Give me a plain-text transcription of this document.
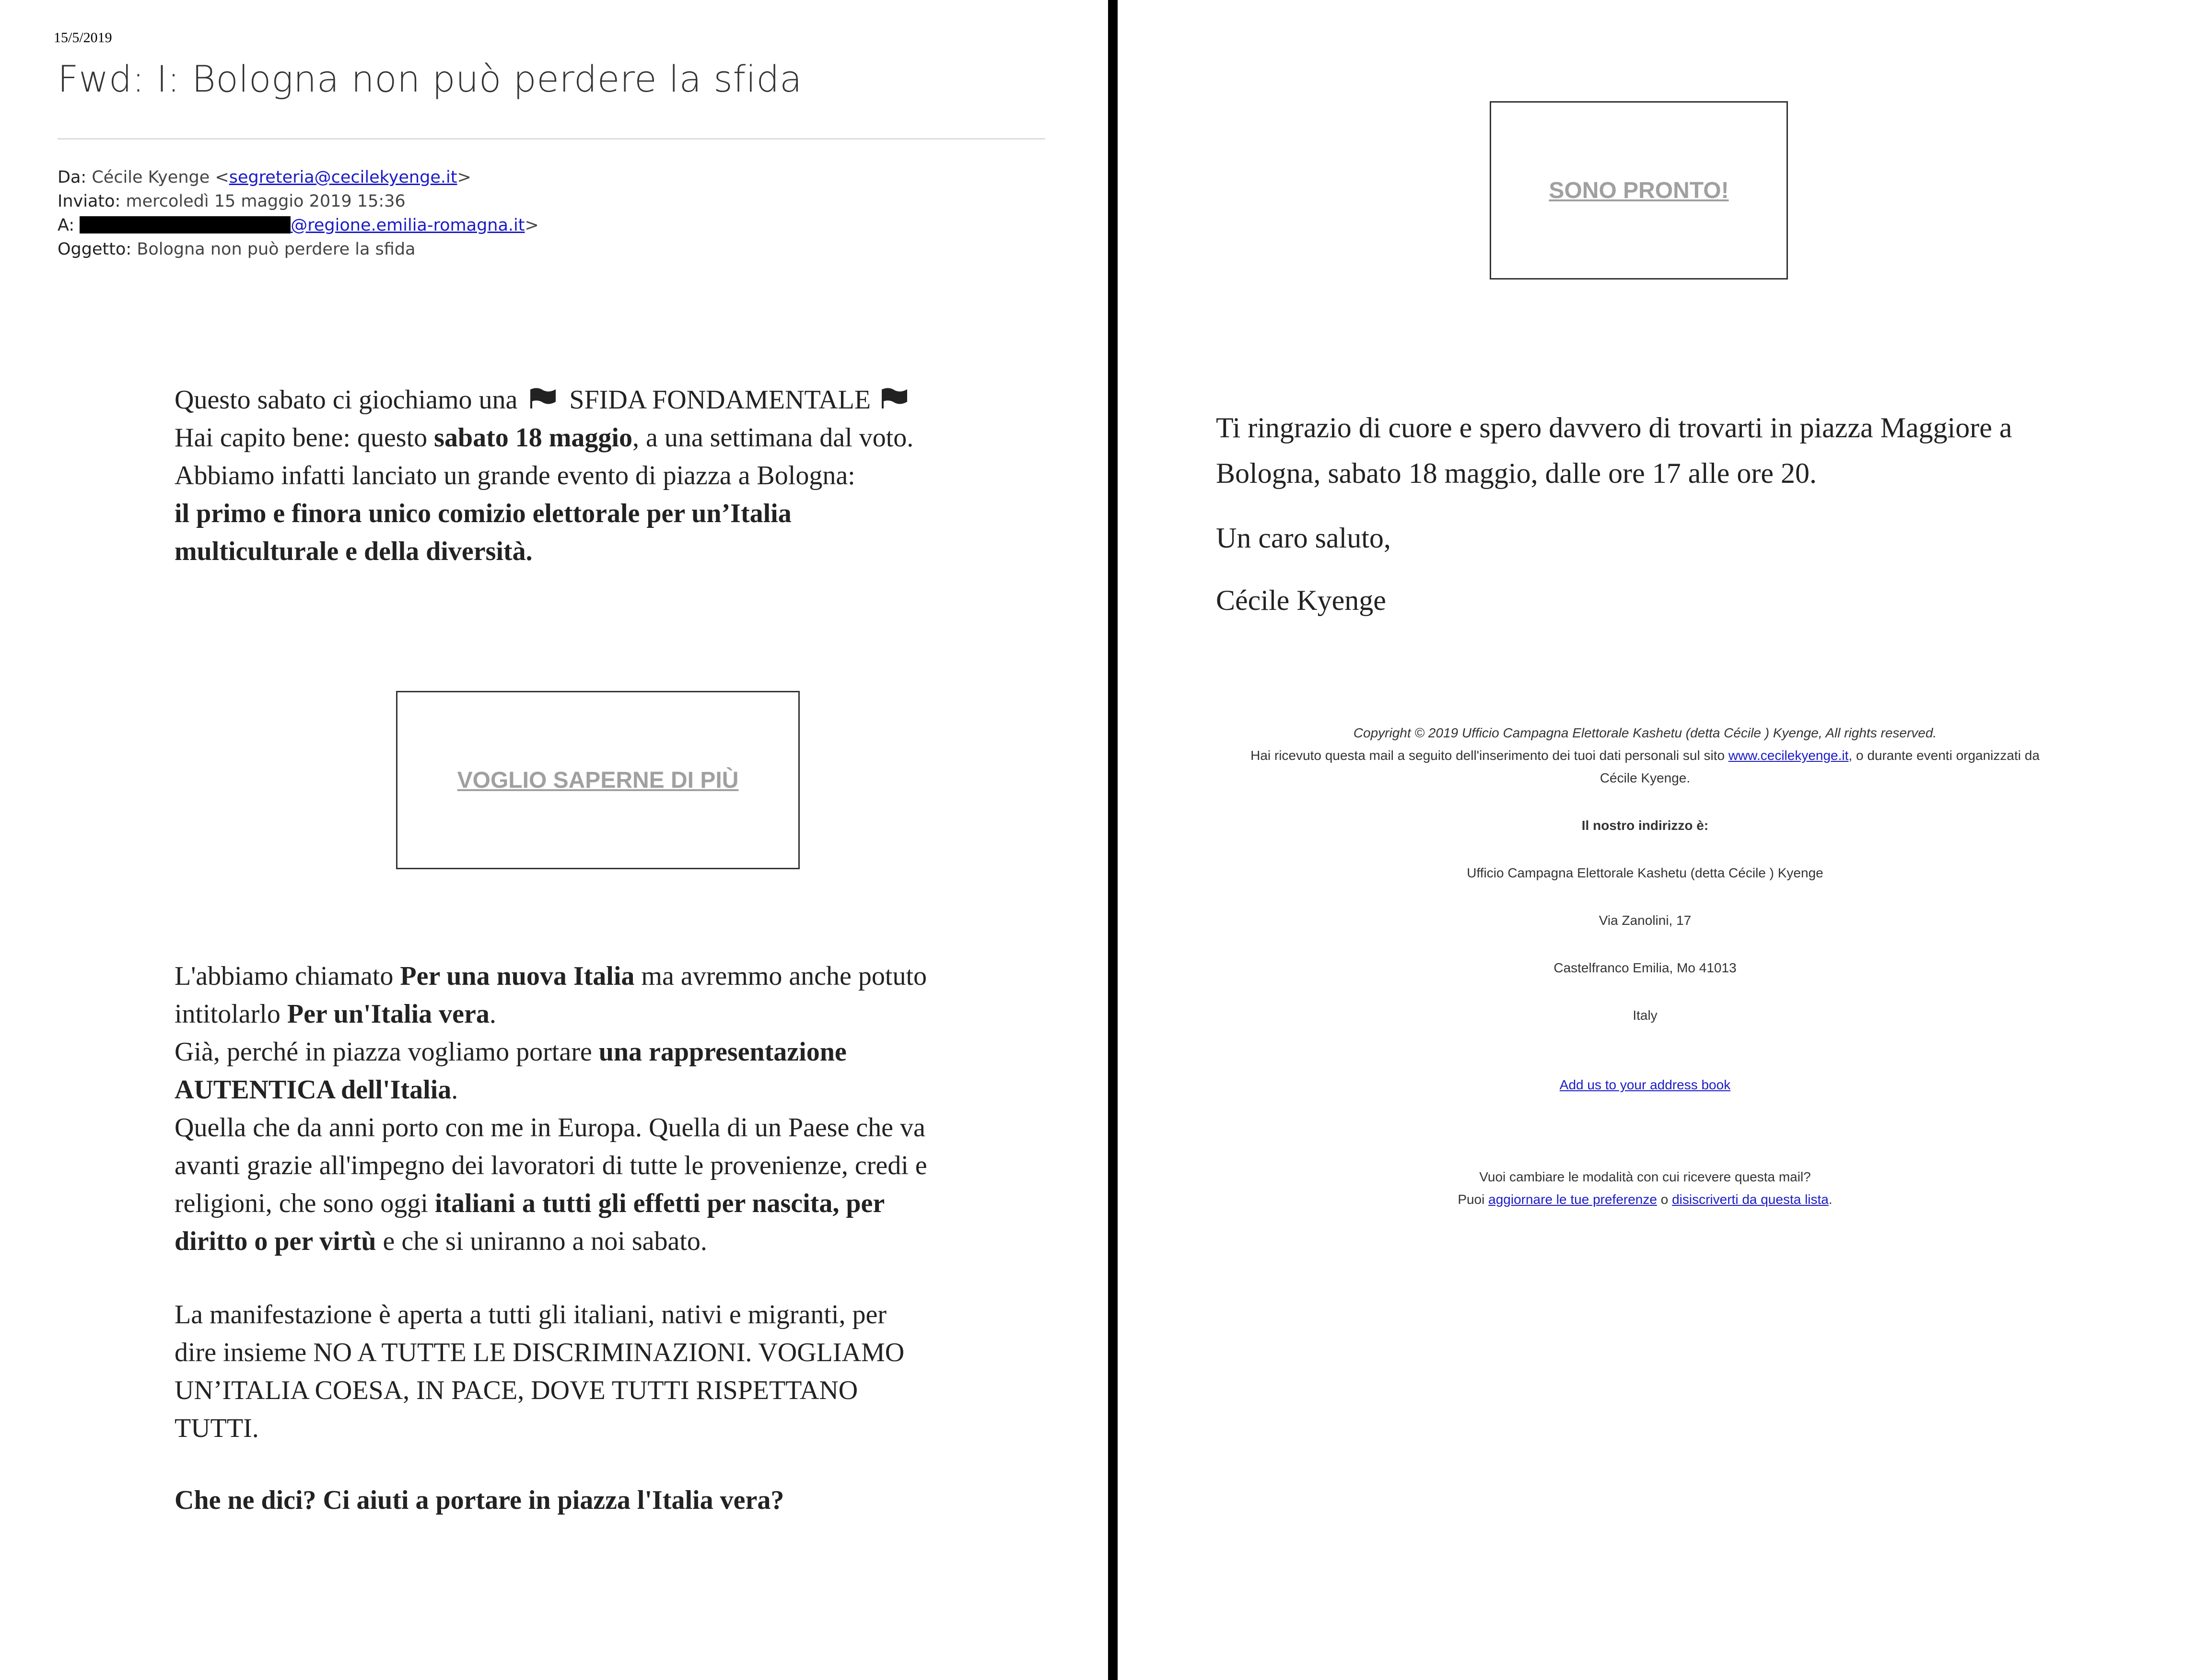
15/5/2019
Fwd: I: Bologna non può perdere la sfida
Da: Cécile Kyenge <segreteria@cecilekyenge.it>
Inviato: mercoledì 15 maggio 2019 15:36
A:	@regione.emilia-romagna.it>
Oggetto: Bologna non può perdere la sfida
Questo sabato ci giochiamo una SFIDA FONDAMENTALE
Hai capito bene: questo sabato 18 maggio, a una settimana dal voto.
Abbiamo infatti lanciato un grande evento di piazza a Bologna:
il primo e finora unico comizio elettorale per un’Italia
multiculturale e della diversità.
VOGLIO SAPERNE DI PIÙ
L'abbiamo chiamato Per una nuova Italia ma avremmo anche potuto
intitolarlo Per un'Italia vera.
Già, perché in piazza vogliamo portare una rappresentazione
AUTENTICA dell'Italia.
Quella che da anni porto con me in Europa. Quella di un Paese che va
avanti grazie all'impegno dei lavoratori di tutte le provenienze, credi e
religioni, che sono oggi italiani a tutti gli effetti per nascita, per
diritto o per virtù e che si uniranno a noi sabato.
La manifestazione è aperta a tutti gli italiani, nativi e migranti, per
dire insieme NO A TUTTE LE DISCRIMINAZIONI. VOGLIAMO
UN’ITALIA COESA, IN PACE, DOVE TUTTI RISPETTANO
TUTTI.
Che ne dici? Ci aiuti a portare in piazza l'Italia vera?
SONO PRONTO!
Ti ringrazio di cuore e spero davvero di trovarti in piazza Maggiore a
Bologna, sabato 18 maggio, dalle ore 17 alle ore 20.
Un caro saluto,
Cécile Kyenge
Copyright © 2019 Ufficio Campagna Elettorale Kashetu (detta Cécile ) Kyenge, All rights reserved.
Hai ricevuto questa mail a seguito dell'inserimento dei tuoi dati personali sul sito www.cecilekyenge.it, o durante eventi organizzati da
Cécile Kyenge.
Il nostro indirizzo è:
Ufficio Campagna Elettorale Kashetu (detta Cécile ) Kyenge
Via Zanolini, 17
Castelfranco Emilia, Mo 41013
Italy
Add us to your address book
Vuoi cambiare le modalità con cui ricevere questa mail?
Puoi aggiornare le tue preferenze o disiscriverti da questa lista.
